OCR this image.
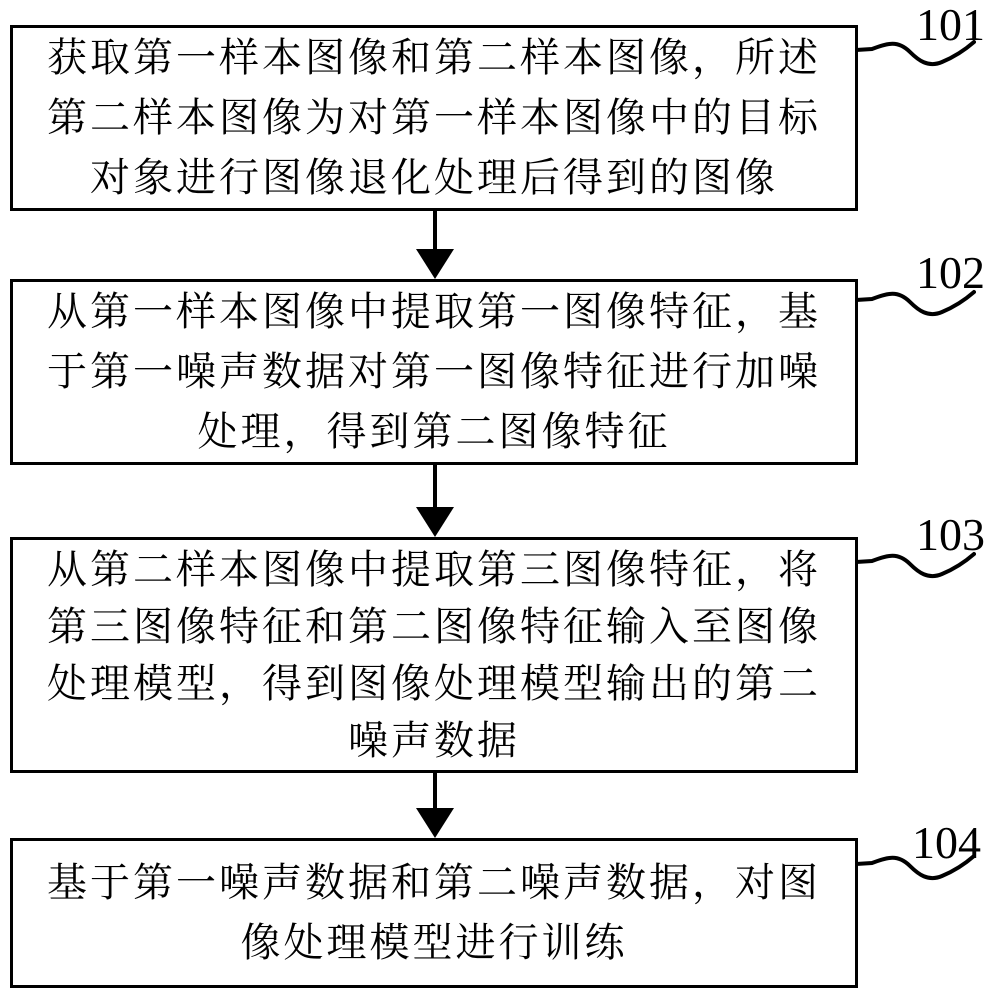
获取第一样本图像和第二样本图像，所述
第二样本图像为对第一样本图像中的目标
对象进行图像退化处理后得到的图像
101
从第一样本图像中提取第一图像特征，基
于第一噪声数据对第一图像特征进行加噪
处理，得到第二图像特征
102
从第二样本图像中提取第三图像特征，将
第三图像特征和第二图像特征输入至图像
处理模型，得到图像处理模型输出的第二
噪声数据
103
基于第一噪声数据和第二噪声数据，对图
像处理模型进行训练
104
